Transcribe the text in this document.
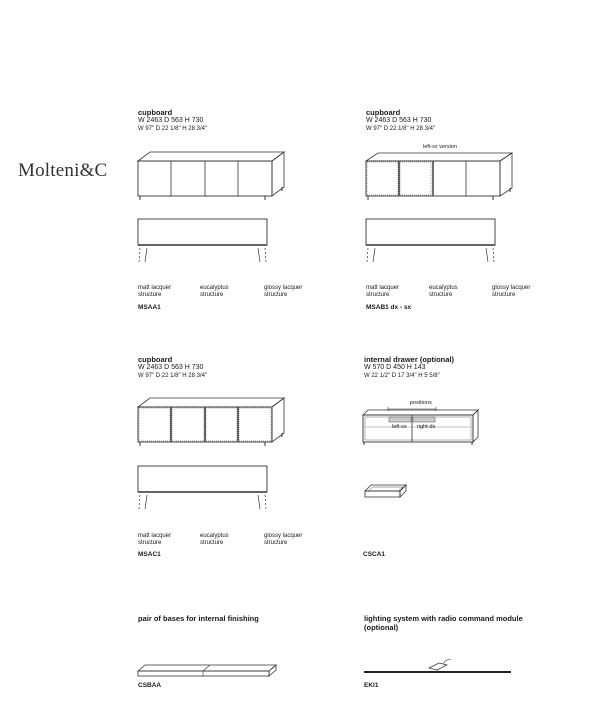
Molteni&C
cupboard
W 2463 D 563 H 730
W 97" D 22 1/8" H 28 3/4"
matt lacquer
structure
eucalyptus
structure
glossy lacquer
structure
MSAA1
cupboard
W 2463 D 563 H 730
W 97" D 22 1/8" H 28 3/4"
left-sx version
matt lacquer
structure
eucalyptus
structure
glossy lacquer
structure
MSAB1 dx - sx
cupboard
W 2463 D 563 H 730
W 97" D 22 1/8" H 28 3/4"
matt lacquer
structure
eucalyptus
structure
glossy lacquer
structure
MSAC1
internal drawer (optional)
W 570 D 450 H 143
W 22 1/2" D 17 3/4" H 5 5/8"
positions
left-sx right-dx
CSCA1
pair of bases for internal finishing
CSBAA
lighting system with radio command module
(optional)
EKI1
